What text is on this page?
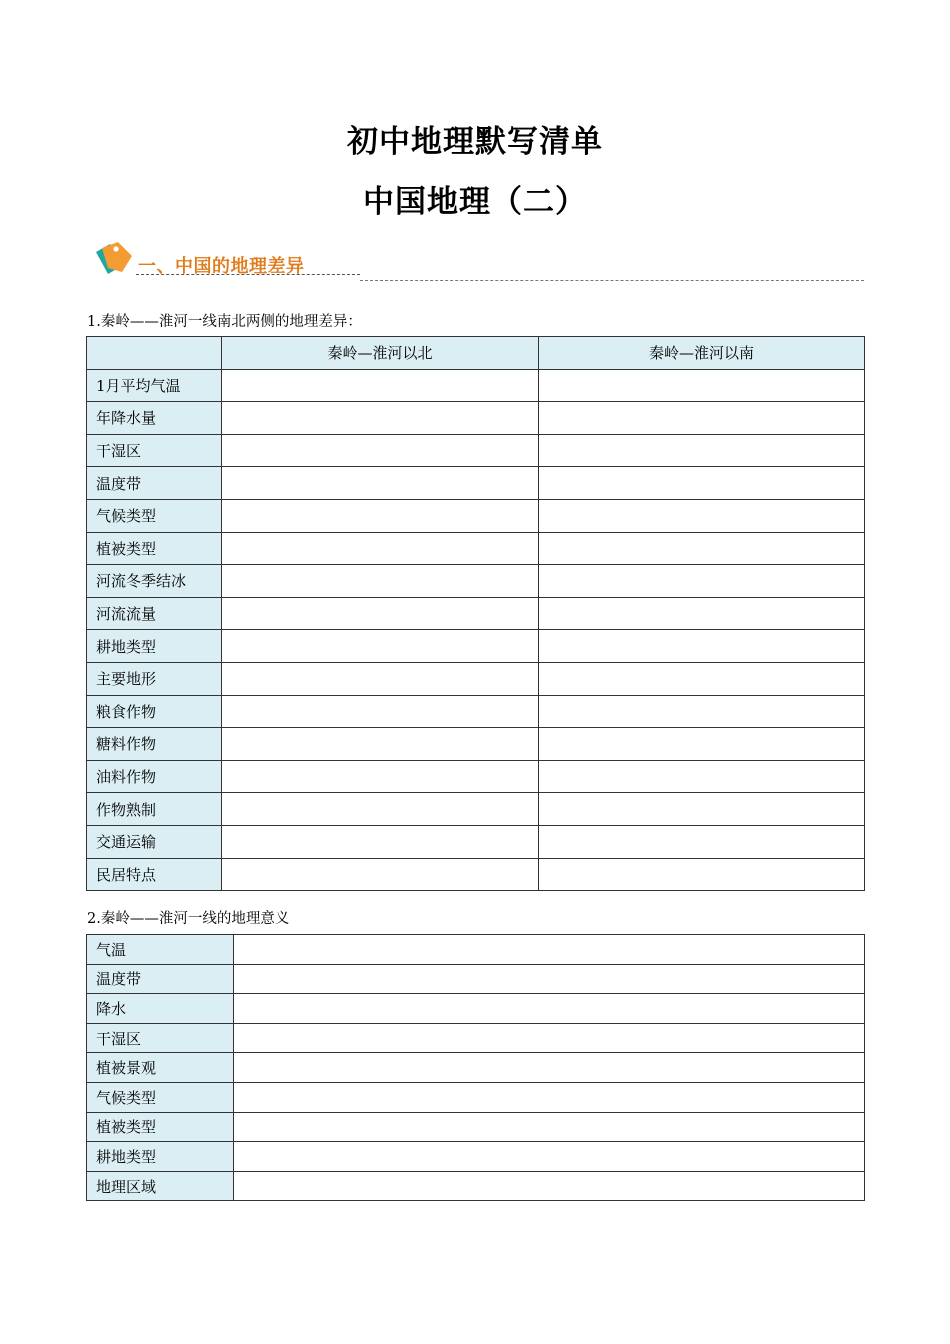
初中地理默写清单
中国地理（二）
一、中国的地理差异
1.秦岭——淮河一线南北两侧的地理差异：
	秦岭—淮河以北	秦岭—淮河以南
1月平均气温		
年降水量		
干湿区		
温度带		
气候类型		
植被类型		
河流冬季结冰		
河流流量		
耕地类型		
主要地形		
粮食作物		
糖料作物		
油料作物		
作物熟制		
交通运输		
民居特点		
2.秦岭——淮河一线的地理意义
气温	
温度带	
降水	
干湿区	
植被景观	
气候类型	
植被类型	
耕地类型	
地理区域	
